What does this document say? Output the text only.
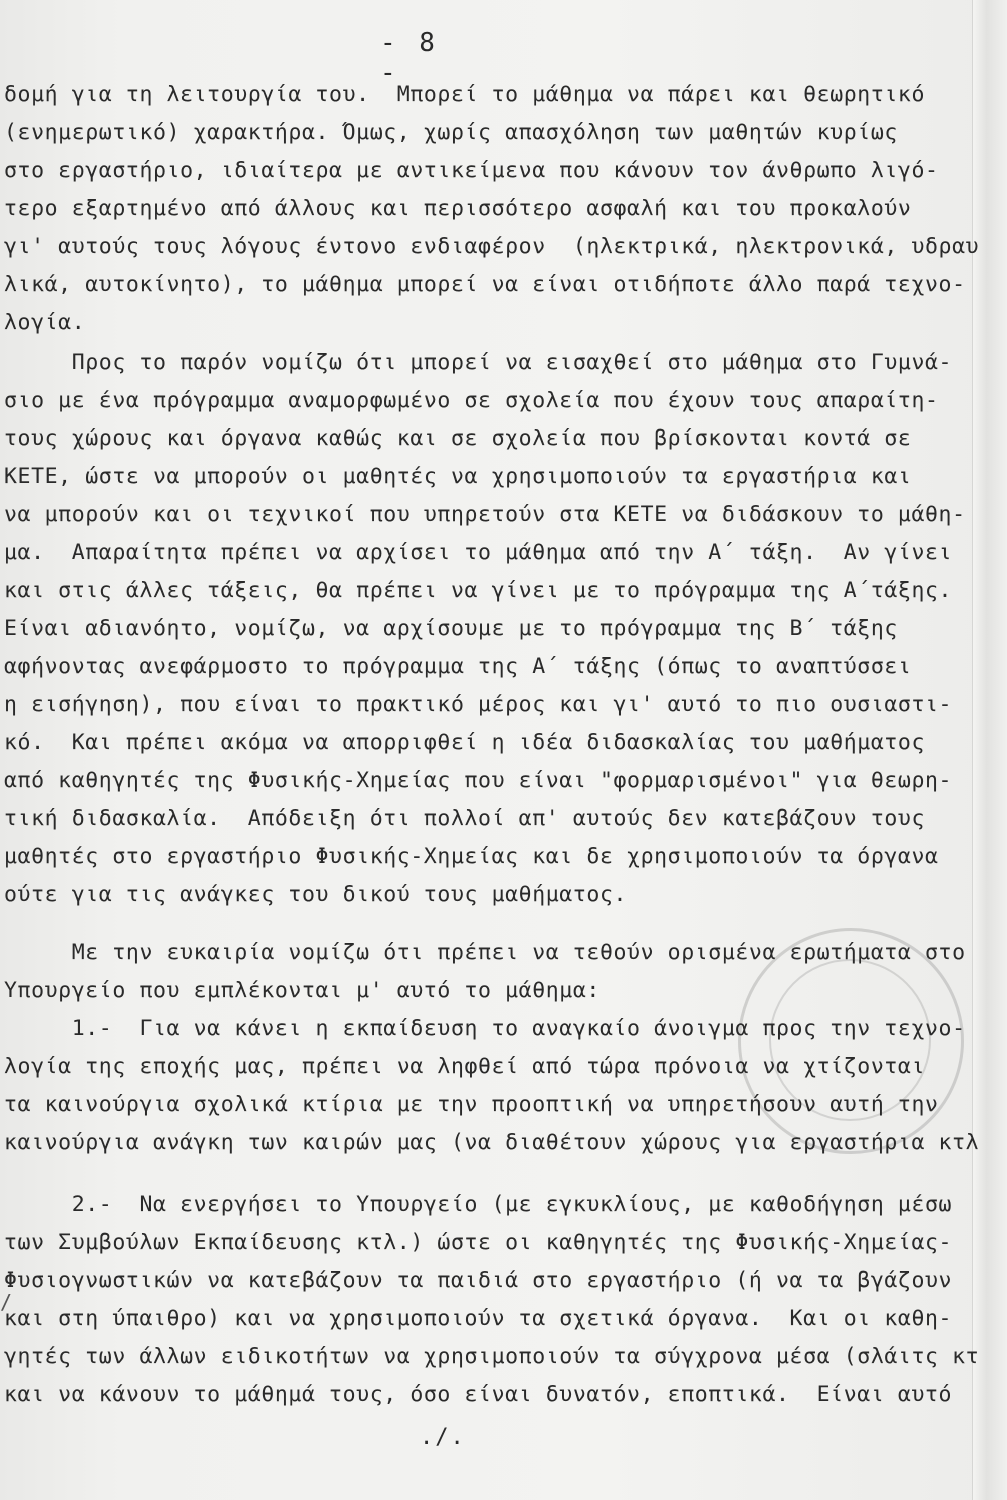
- 8 -
δομή για τη λειτουργία του.  Μπορεί το μάθημα να πάρει και θεωρητικό
(ενημερωτικό) χαρακτήρα. Όμως, χωρίς απασχόληση των μαθητών κυρίως
στο εργαστήριο, ιδιαίτερα με αντικείμενα που κάνουν τον άνθρωπο λιγό-
τερο εξαρτημένο από άλλους και περισσότερο ασφαλή και του προκαλούν
γι' αυτούς τους λόγους έντονο ενδιαφέρον  (ηλεκτρικά, ηλεκτρονικά, υδραυ
λικά, αυτοκίνητο), το μάθημα μπορεί να είναι οτιδήποτε άλλο παρά τεχνο-
λογία.
Προς το παρόν νομίζω ότι μπορεί να εισαχθεί στο μάθημα στο Γυμνά-
σιο με ένα πρόγραμμα αναμορφωμένο σε σχολεία που έχουν τους απαραίτη-
τους χώρους και όργανα καθώς και σε σχολεία που βρίσκονται κοντά σε
ΚΕΤΕ, ώστε να μπορούν οι μαθητές να χρησιμοποιούν τα εργαστήρια και
να μπορούν και οι τεχνικοί που υπηρετούν στα ΚΕΤΕ να διδάσκουν το μάθη-
μα.  Απαραίτητα πρέπει να αρχίσει το μάθημα από την Α΄ τάξη.  Αν γίνει
και στις άλλες τάξεις, θα πρέπει να γίνει με το πρόγραμμα της Α΄τάξης.
Είναι αδιανόητο, νομίζω, να αρχίσουμε με το πρόγραμμα της Β΄ τάξης
αφήνοντας ανεφάρμοστο το πρόγραμμα της Α΄ τάξης (όπως το αναπτύσσει
η εισήγηση), που είναι το πρακτικό μέρος και γι' αυτό το πιο ουσιαστι-
κό.  Και πρέπει ακόμα να απορριφθεί η ιδέα διδασκαλίας του μαθήματος
από καθηγητές της Φυσικής-Χημείας που είναι "φορμαρισμένοι" για θεωρη-
τική διδασκαλία.  Απόδειξη ότι πολλοί απ' αυτούς δεν κατεβάζουν τους
μαθητές στο εργαστήριο Φυσικής-Χημείας και δε χρησιμοποιούν τα όργανα
ούτε για τις ανάγκες του δικού τους μαθήματος.
Με την ευκαιρία νομίζω ότι πρέπει να τεθούν ορισμένα ερωτήματα στο
Υπουργείο που εμπλέκονται μ' αυτό το μάθημα:
1.-  Για να κάνει η εκπαίδευση το αναγκαίο άνοιγμα προς την τεχνο-
λογία της εποχής μας, πρέπει να ληφθεί από τώρα πρόνοια να χτίζονται
τα καινούργια σχολικά κτίρια με την προοπτική να υπηρετήσουν αυτή την
καινούργια ανάγκη των καιρών μας (να διαθέτουν χώρους για εργαστήρια κτλ
2.-  Να ενεργήσει το Υπουργείο (με εγκυκλίους, με καθοδήγηση μέσω
των Συμβούλων Εκπαίδευσης κτλ.) ώστε οι καθηγητές της Φυσικής-Χημείας-
Φυσιογνωστικών να κατεβάζουν τα παιδιά στο εργαστήριο (ή να τα βγάζουν
και στη ύπαιθρο) και να χρησιμοποιούν τα σχετικά όργανα.  Και οι καθη-
γητές των άλλων ειδικοτήτων να χρησιμοποιούν τα σύγχρονα μέσα (σλάιτς κτ
και να κάνουν το μάθημά τους, όσο είναι δυνατόν, εποπτικά.  Είναι αυτό
/
./.
